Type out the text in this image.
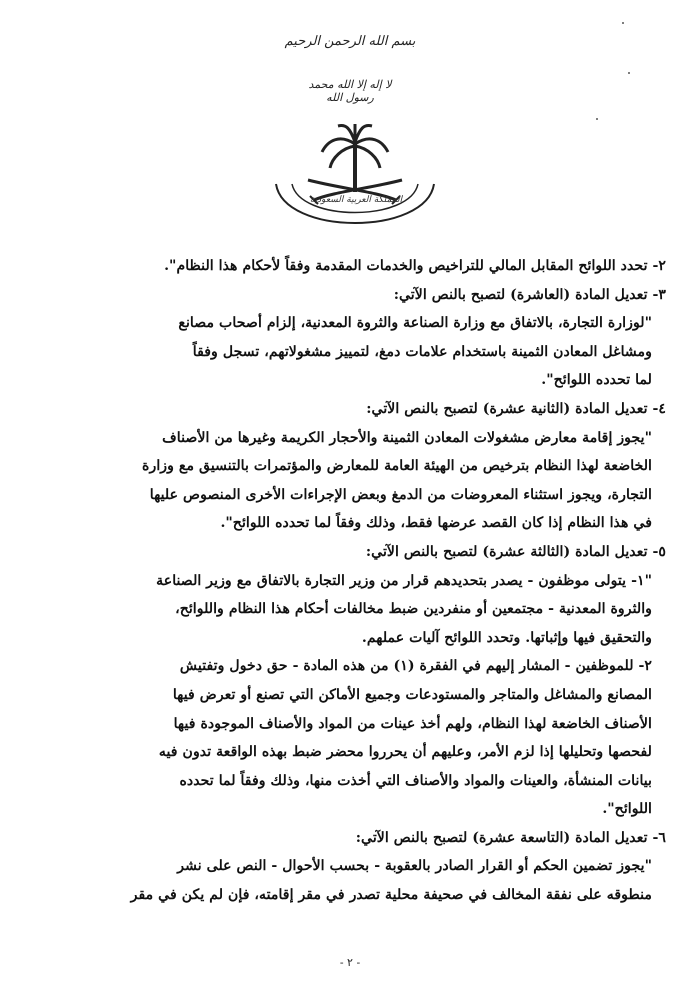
بسم الله الرحمن الرحيم
لا إله إلا الله محمد رسول الله
المملكة العربية السعودية
٢- تحدد اللوائح المقابل المالي للتراخيص والخدمات المقدمة وفقاً لأحكام هذا النظام".
٣- تعديل المادة (العاشرة) لتصبح بالنص الآتي:
"لوزارة التجارة، بالاتفاق مع وزارة الصناعة والثروة المعدنية، إلزام أصحاب مصانع
ومشاغل المعادن الثمينة باستخدام علامات دمغ، لتمييز مشغولاتهم، تسجل وفقاً
لما تحدده اللوائح".
٤- تعديل المادة (الثانية عشرة) لتصبح بالنص الآتي:
"يجوز إقامة معارض مشغولات المعادن الثمينة والأحجار الكريمة وغيرها من الأصناف
الخاضعة لهذا النظام بترخيص من الهيئة العامة للمعارض والمؤتمرات بالتنسيق مع وزارة
التجارة، ويجوز استثناء المعروضات من الدمغ وبعض الإجراءات الأخرى المنصوص عليها
في هذا النظام إذا كان القصد عرضها فقط، وذلك وفقاً لما تحدده اللوائح".
٥- تعديل المادة (الثالثة عشرة) لتصبح بالنص الآتي:
"١- يتولى موظفون - يصدر بتحديدهم قرار من وزير التجارة بالاتفاق مع وزير الصناعة
والثروة المعدنية - مجتمعين أو منفردين ضبط مخالفات أحكام هذا النظام واللوائح،
والتحقيق فيها وإثباتها. وتحدد اللوائح آليات عملهم.
٢- للموظفين - المشار إليهم في الفقرة (١) من هذه المادة - حق دخول وتفتيش
المصانع والمشاغل والمتاجر والمستودعات وجميع الأماكن التي تصنع أو تعرض فيها
الأصناف الخاضعة لهذا النظام، ولهم أخذ عينات من المواد والأصناف الموجودة فيها
لفحصها وتحليلها إذا لزم الأمر، وعليهم أن يحرروا محضر ضبط بهذه الواقعة تدون فيه
بيانات المنشأة، والعينات والمواد والأصناف التي أخذت منها، وذلك وفقاً لما تحدده
اللوائح".
٦- تعديل المادة (التاسعة عشرة) لتصبح بالنص الآتي:
"يجوز تضمين الحكم أو القرار الصادر بالعقوبة - بحسب الأحوال - النص على نشر
منطوقه على نفقة المخالف في صحيفة محلية تصدر في مقر إقامته، فإن لم يكن في مقر
- ٢ -
